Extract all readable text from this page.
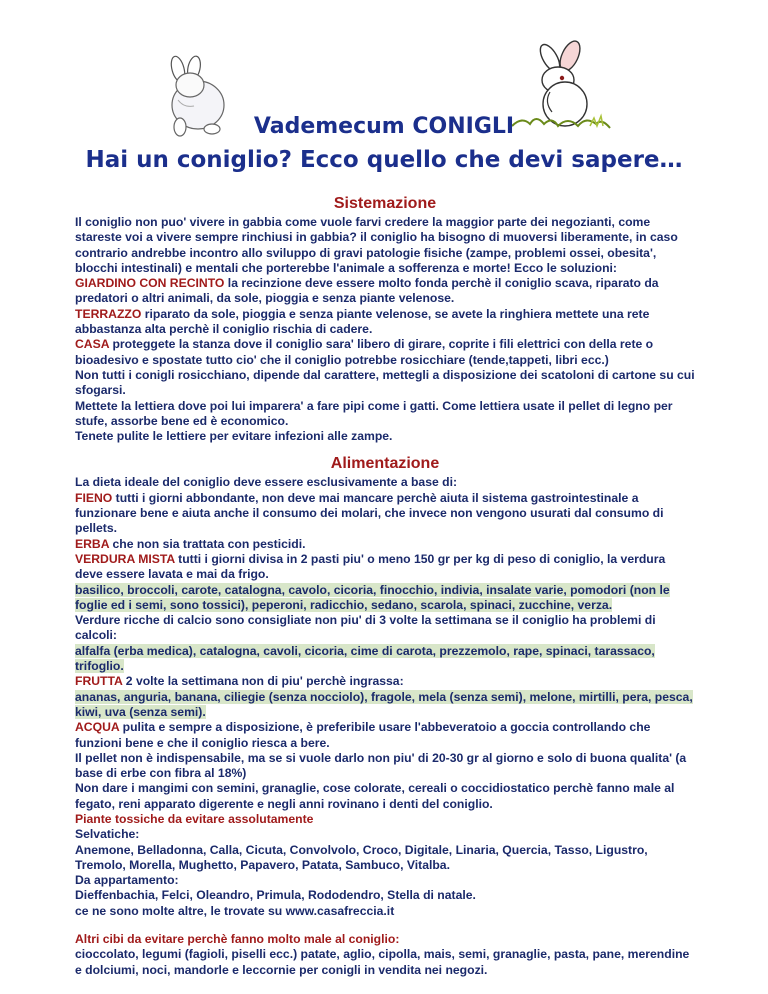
Vademecum CONIGLI
Hai un coniglio? Ecco quello che devi sapere…
Sistemazione

Il coniglio non puo' vivere in gabbia come vuole farvi credere la maggior parte dei negozianti, come stareste voi a vivere sempre rinchiusi in gabbia? il coniglio ha bisogno di muoversi liberamente, in caso contrario andrebbe incontro allo sviluppo di gravi patologie fisiche (zampe, problemi ossei, obesita', blocchi intestinali) e mentali che porterebbe l'animale a sofferenza e morte! Ecco le soluzioni:

GIARDINO CON RECINTO la recinzione deve essere molto fonda perchè il coniglio scava, riparato da predatori o altri animali, da sole, pioggia e senza piante velenose.

TERRAZZO riparato da sole, pioggia e senza piante velenose, se avete la ringhiera mettete una rete abbastanza alta perchè il coniglio rischia di cadere.

CASA proteggete la stanza dove il coniglio sara' libero di girare, coprite i fili elettrici con della rete o bioadesivo e spostate tutto cio' che il coniglio potrebbe rosicchiare (tende,tappeti, libri ecc.)

Non tutti i conigli rosicchiano, dipende dal carattere, mettegli a disposizione dei scatoloni di cartone su cui sfogarsi.

Mettete la lettiera dove poi lui imparera' a fare pipi come i gatti. Come lettiera usate il pellet di legno per stufe, assorbe bene ed è economico.

Tenete pulite le lettiere per evitare infezioni alle zampe.

Alimentazione

La dieta ideale del coniglio deve essere esclusivamente a base di:

FIENO tutti i giorni abbondante, non deve mai mancare perchè aiuta il sistema gastrointestinale a funzionare bene e aiuta anche il consumo dei molari, che invece non vengono usurati dal consumo di pellets.

ERBA che non sia trattata con pesticidi.

VERDURA MISTA tutti i giorni divisa in 2 pasti piu' o meno 150 gr per kg di peso di coniglio, la verdura deve essere lavata e mai da frigo.

basilico, broccoli, carote, catalogna, cavolo, cicoria, finocchio, indivia, insalate varie, pomodori (non le foglie ed i semi, sono tossici), peperoni, radicchio, sedano, scarola, spinaci, zucchine, verza.

Verdure ricche di calcio sono consigliate non piu' di 3 volte la settimana se il coniglio ha problemi di calcoli:

alfalfa (erba medica), catalogna, cavoli, cicoria, cime di carota, prezzemolo, rape, spinaci, tarassaco, trifoglio.

FRUTTA 2 volte la settimana non di piu' perchè ingrassa:

ananas, anguria, banana, ciliegie (senza nocciolo), fragole, mela (senza semi), melone, mirtilli, pera, pesca, kiwi, uva (senza semi).

ACQUA pulita e sempre a disposizione, è preferibile usare l'abbeveratoio a goccia controllando che funzioni bene e che il coniglio riesca a bere.

Il pellet non è indispensabile, ma se si vuole darlo non piu' di 20-30 gr al giorno e solo di buona qualita' (a base di erbe con fibra al 18%)

Non dare i mangimi con semini, granaglie, cose colorate, cereali o coccidiostatico perchè fanno male al fegato, reni apparato digerente e negli anni rovinano i denti del coniglio.

Piante tossiche da evitare assolutamente

Selvatiche:

Anemone, Belladonna, Calla, Cicuta, Convolvolo, Croco, Digitale, Linaria, Quercia, Tasso, Ligustro, Tremolo, Morella, Mughetto, Papavero, Patata, Sambuco, Vitalba.

Da appartamento:

Dieffenbachia, Felci, Oleandro, Primula, Rododendro, Stella di natale.

ce ne sono molte altre, le trovate su www.casafreccia.it

Altri cibi da evitare perchè fanno molto male al coniglio:

cioccolato, legumi (fagioli, piselli ecc.) patate, aglio, cipolla, mais, semi, granaglie, pasta, pane, merendine e dolciumi, noci, mandorle e leccornie per conigli in vendita nei negozi.
